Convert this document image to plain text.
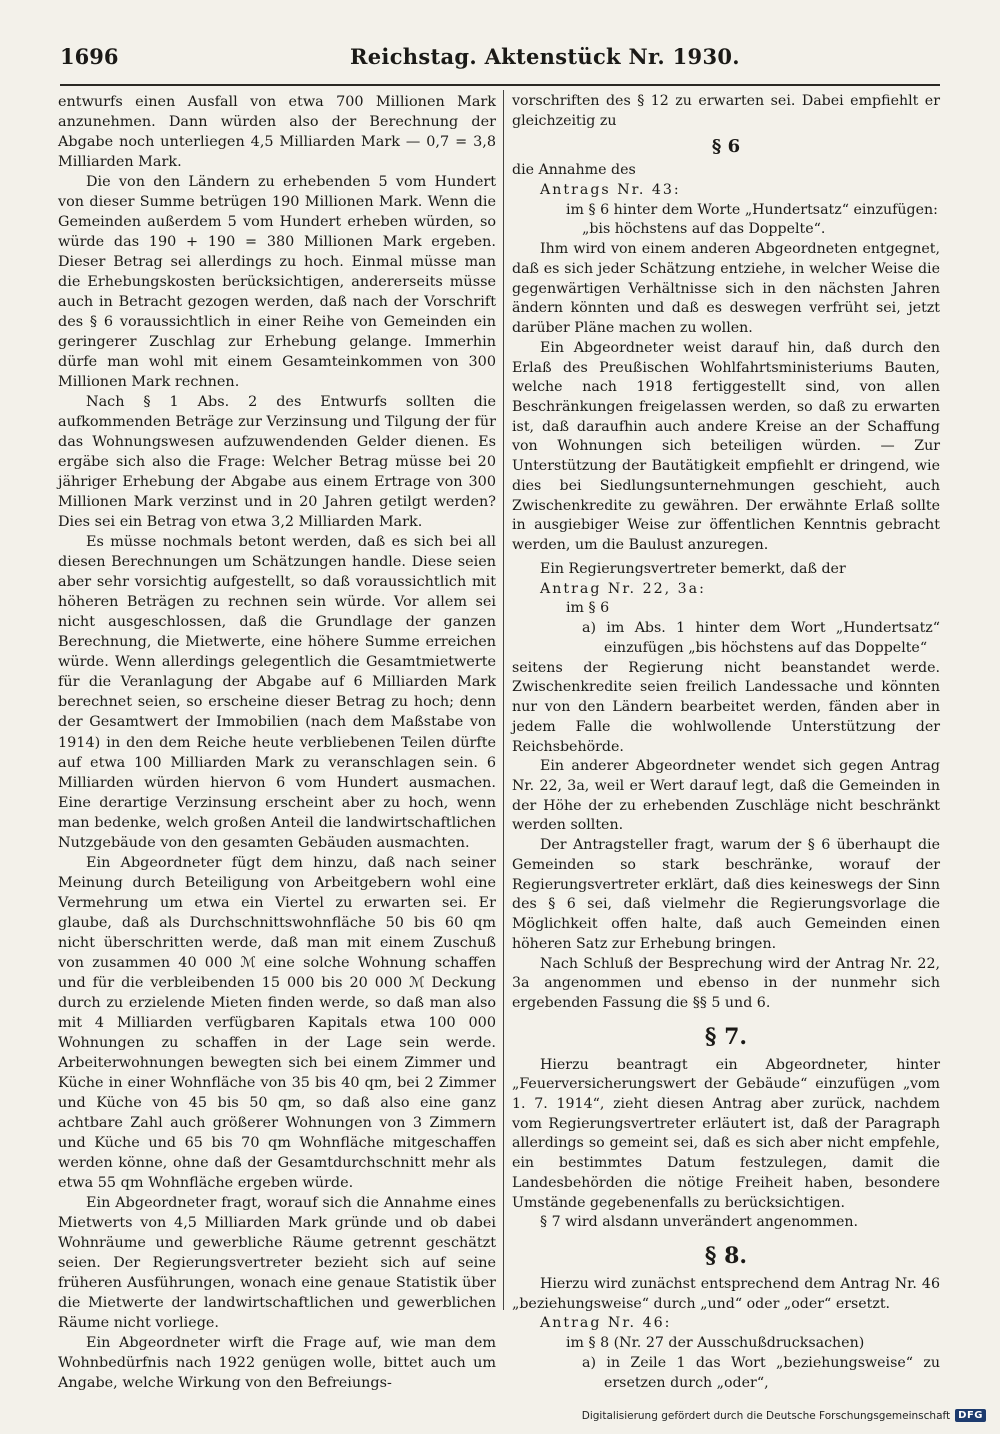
1696	Reichstag. Aktenstück Nr. 1930.

entwurfs einen Ausfall von etwa 700 Millionen Mark anzunehmen. Dann würden also der Berechnung der Abgabe noch unterliegen 4,5 Milliarden Mark — 0,7 = 3,8 Milliarden Mark.

Die von den Ländern zu erhebenden 5 vom Hundert von dieser Summe betrügen 190 Millionen Mark. Wenn die Gemeinden außerdem 5 vom Hundert erheben würden, so würde das 190 + 190 = 380 Millionen Mark ergeben. Dieser Betrag sei allerdings zu hoch. Einmal müsse man die Erhebungskosten berücksichtigen, andererseits müsse auch in Betracht gezogen werden, daß nach der Vorschrift des § 6 voraussichtlich in einer Reihe von Gemeinden ein geringerer Zuschlag zur Erhebung gelange. Immerhin dürfe man wohl mit einem Gesamteinkommen von 300 Millionen Mark rechnen.

Nach § 1 Abs. 2 des Entwurfs sollten die aufkommenden Beträge zur Verzinsung und Tilgung der für das Wohnungswesen aufzuwendenden Gelder dienen. Es ergäbe sich also die Frage: Welcher Betrag müsse bei 20 jähriger Erhebung der Abgabe aus einem Ertrage von 300 Millionen Mark verzinst und in 20 Jahren getilgt werden? Dies sei ein Betrag von etwa 3,2 Milliarden Mark.

Es müsse nochmals betont werden, daß es sich bei all diesen Berechnungen um Schätzungen handle. Diese seien aber sehr vorsichtig aufgestellt, so daß voraussichtlich mit höheren Beträgen zu rechnen sein würde. Vor allem sei nicht ausgeschlossen, daß die Grundlage der ganzen Berechnung, die Mietwerte, eine höhere Summe erreichen würde. Wenn allerdings gelegentlich die Gesamtmietwerte für die Veranlagung der Abgabe auf 6 Milliarden Mark berechnet seien, so erscheine dieser Betrag zu hoch; denn der Gesamtwert der Immobilien (nach dem Maßstabe von 1914) in den dem Reiche heute verbliebenen Teilen dürfte auf etwa 100 Milliarden Mark zu veranschlagen sein. 6 Milliarden würden hiervon 6 vom Hundert ausmachen. Eine derartige Verzinsung erscheint aber zu hoch, wenn man bedenke, welch großen Anteil die landwirtschaftlichen Nutzgebäude von den gesamten Gebäuden ausmachten.

Ein Abgeordneter fügt dem hinzu, daß nach seiner Meinung durch Beteiligung von Arbeitgebern wohl eine Vermehrung um etwa ein Viertel zu erwarten sei. Er glaube, daß als Durchschnittswohnfläche 50 bis 60 qm nicht überschritten werde, daß man mit einem Zuschuß von zusammen 40 000 ℳ eine solche Wohnung schaffen und für die verbleibenden 15 000 bis 20 000 ℳ Deckung durch zu erzielende Mieten finden werde, so daß man also mit 4 Milliarden verfügbaren Kapitals etwa 100 000 Wohnungen zu schaffen in der Lage sein werde. Arbeiterwohnungen bewegten sich bei einem Zimmer und Küche in einer Wohnfläche von 35 bis 40 qm, bei 2 Zimmer und Küche von 45 bis 50 qm, so daß also eine ganz achtbare Zahl auch größerer Wohnungen von 3 Zimmern und Küche und 65 bis 70 qm Wohnfläche mitgeschaffen werden könne, ohne daß der Gesamtdurchschnitt mehr als etwa 55 qm Wohnfläche ergeben würde.

Ein Abgeordneter fragt, worauf sich die Annahme eines Mietwerts von 4,5 Milliarden Mark gründe und ob dabei Wohnräume und gewerbliche Räume getrennt geschätzt seien. Der Regierungsvertreter bezieht sich auf seine früheren Ausführungen, wonach eine genaue Statistik über die Mietwerte der landwirtschaftlichen und gewerblichen Räume nicht vorliege.

Ein Abgeordneter wirft die Frage auf, wie man dem Wohnbedürfnis nach 1922 genügen wolle, bittet auch um Angabe, welche Wirkung von den Befreiungs-

vorschriften des § 12 zu erwarten sei. Dabei empfiehlt er gleichzeitig zu

§ 6

die Annahme des

Antrags Nr. 43:

im § 6 hinter dem Worte „Hundertsatz“ einzufügen:

„bis höchstens auf das Doppelte“.

Ihm wird von einem anderen Abgeordneten entgegnet, daß es sich jeder Schätzung entziehe, in welcher Weise die gegenwärtigen Verhältnisse sich in den nächsten Jahren ändern könnten und daß es deswegen verfrüht sei, jetzt darüber Pläne machen zu wollen.

Ein Abgeordneter weist darauf hin, daß durch den Erlaß des Preußischen Wohlfahrtsministeriums Bauten, welche nach 1918 fertiggestellt sind, von allen Beschränkungen freigelassen werden, so daß zu erwarten ist, daß daraufhin auch andere Kreise an der Schaffung von Wohnungen sich beteiligen würden. — Zur Unterstützung der Bautätigkeit empfiehlt er dringend, wie dies bei Siedlungsunternehmungen geschieht, auch Zwischenkredite zu gewähren. Der erwähnte Erlaß sollte in ausgiebiger Weise zur öffentlichen Kenntnis gebracht werden, um die Baulust anzuregen.

Ein Regierungsvertreter bemerkt, daß der

Antrag Nr. 22, 3a:

im § 6

a) im Abs. 1 hinter dem Wort „Hundertsatz“ einzufügen „bis höchstens auf das Doppelte“

seitens der Regierung nicht beanstandet werde. Zwischenkredite seien freilich Landessache und könnten nur von den Ländern bearbeitet werden, fänden aber in jedem Falle die wohlwollende Unterstützung der Reichsbehörde.

Ein anderer Abgeordneter wendet sich gegen Antrag Nr. 22, 3a, weil er Wert darauf legt, daß die Gemeinden in der Höhe der zu erhebenden Zuschläge nicht beschränkt werden sollten.

Der Antragsteller fragt, warum der § 6 überhaupt die Gemeinden so stark beschränke, worauf der Regierungsvertreter erklärt, daß dies keineswegs der Sinn des § 6 sei, daß vielmehr die Regierungsvorlage die Möglichkeit offen halte, daß auch Gemeinden einen höheren Satz zur Erhebung bringen.

Nach Schluß der Besprechung wird der Antrag Nr. 22, 3a angenommen und ebenso in der nunmehr sich ergebenden Fassung die §§ 5 und 6.

§ 7.

Hierzu beantragt ein Abgeordneter, hinter „Feuerversicherungswert der Gebäude“ einzufügen „vom 1. 7. 1914“, zieht diesen Antrag aber zurück, nachdem vom Regierungsvertreter erläutert ist, daß der Paragraph allerdings so gemeint sei, daß es sich aber nicht empfehle, ein bestimmtes Datum festzulegen, damit die Landesbehörden die nötige Freiheit haben, besondere Umstände gegebenenfalls zu berücksichtigen.

§ 7 wird alsdann unverändert angenommen.

§ 8.

Hierzu wird zunächst entsprechend dem Antrag Nr. 46 „beziehungsweise“ durch „und“ oder „oder“ ersetzt.

Antrag Nr. 46:

im § 8 (Nr. 27 der Ausschußdrucksachen)

a) in Zeile 1 das Wort „beziehungsweise“ zu ersetzen durch „oder“,

Digitalisierung gefördert durch die Deutsche Forschungsgemeinschaft DFG
